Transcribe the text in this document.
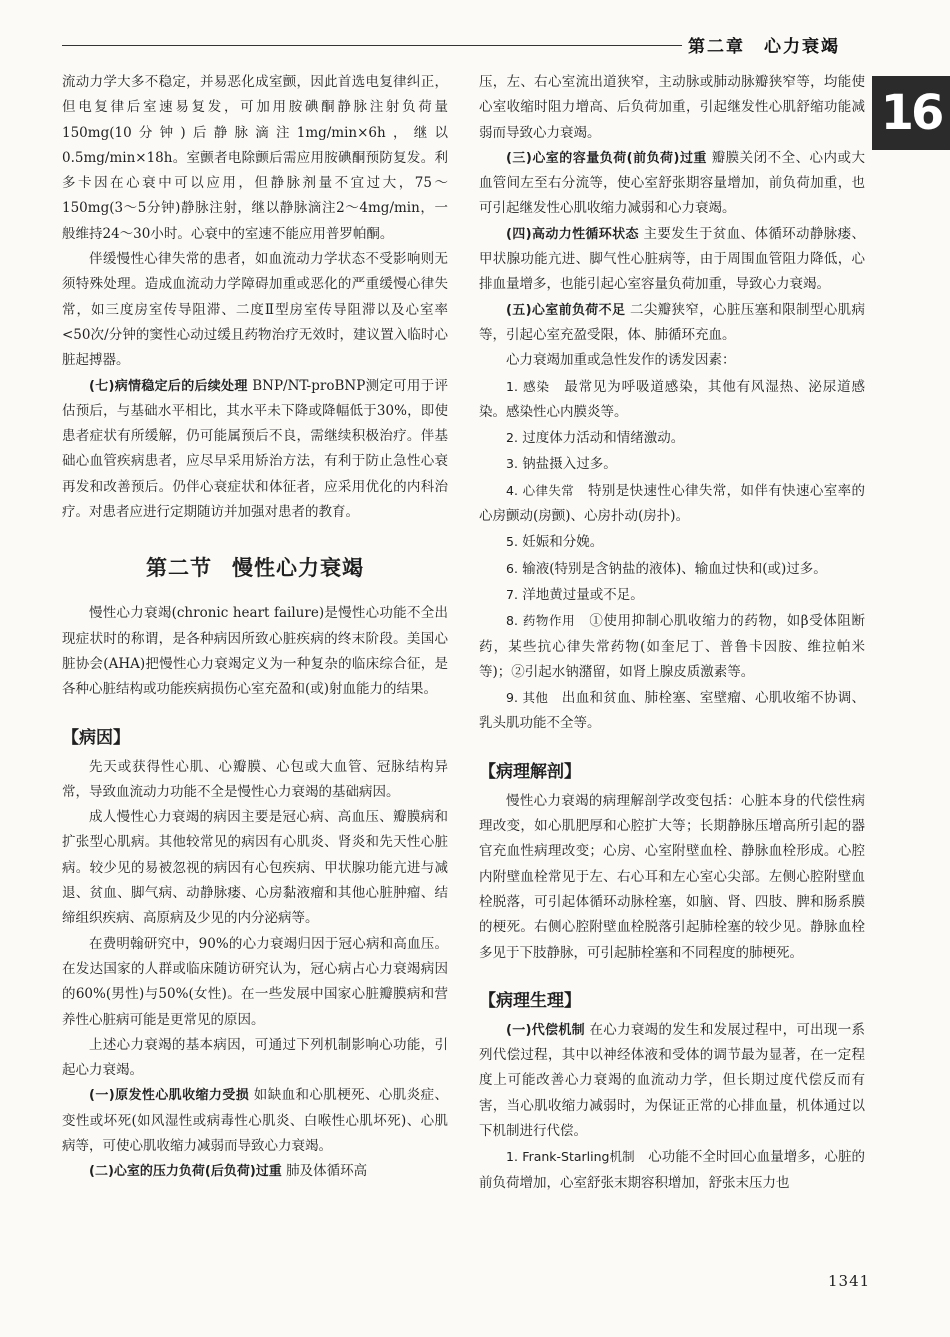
第二章　心力衰竭
16

流动力学大多不稳定，并易恶化成室颤，因此首选电复律纠正，但电复律后室速易复发，可加用胺碘酮静脉注射负荷量150mg(10分钟)后静脉滴注1mg/min×6h，继以0.5mg/min×18h。室颤者电除颤后需应用胺碘酮预防复发。利多卡因在心衰中可以应用，但静脉剂量不宜过大，75～150mg(3～5分钟)静脉注射，继以静脉滴注2～4mg/min，一般维持24～30小时。心衰中的室速不能应用普罗帕酮。

伴缓慢性心律失常的患者，如血流动力学状态不受影响则无须特殊处理。造成血流动力学障碍加重或恶化的严重缓慢心律失常，如三度房室传导阻滞、二度Ⅱ型房室传导阻滞以及心室率<50次/分钟的窦性心动过缓且药物治疗无效时，建议置入临时心脏起搏器。

(七)病情稳定后的后续处理 BNP/NT-proBNP测定可用于评估预后，与基础水平相比，其水平未下降或降幅低于30%，即使患者症状有所缓解，仍可能属预后不良，需继续积极治疗。伴基础心血管疾病患者，应尽早采用矫治方法，有利于防止急性心衰再发和改善预后。仍伴心衰症状和体征者，应采用优化的内科治疗。对患者应进行定期随访并加强对患者的教育。

第二节 慢性心力衰竭

慢性心力衰竭(chronic heart failure)是慢性心功能不全出现症状时的称谓，是各种病因所致心脏疾病的终末阶段。美国心脏协会(AHA)把慢性心力衰竭定义为一种复杂的临床综合征，是各种心脏结构或功能疾病损伤心室充盈和(或)射血能力的结果。

【病因】

先天或获得性心肌、心瓣膜、心包或大血管、冠脉结构异常，导致血流动力功能不全是慢性心力衰竭的基础病因。

成人慢性心力衰竭的病因主要是冠心病、高血压、瓣膜病和扩张型心肌病。其他较常见的病因有心肌炎、肾炎和先天性心脏病。较少见的易被忽视的病因有心包疾病、甲状腺功能亢进与减退、贫血、脚气病、动静脉瘘、心房黏液瘤和其他心脏肿瘤、结缔组织疾病、高原病及少见的内分泌病等。

在费明翰研究中，90%的心力衰竭归因于冠心病和高血压。在发达国家的人群或临床随访研究认为，冠心病占心力衰竭病因的60%(男性)与50%(女性)。在一些发展中国家心脏瓣膜病和营养性心脏病可能是更常见的原因。

上述心力衰竭的基本病因，可通过下列机制影响心功能，引起心力衰竭。

(一)原发性心肌收缩力受损 如缺血和心肌梗死、心肌炎症、变性或坏死(如风湿性或病毒性心肌炎、白喉性心肌坏死)、心肌病等，可使心肌收缩力减弱而导致心力衰竭。

(二)心室的压力负荷(后负荷)过重 肺及体循环高

压，左、右心室流出道狭窄，主动脉或肺动脉瓣狭窄等，均能使心室收缩时阻力增高、后负荷加重，引起继发性心肌舒缩功能减弱而导致心力衰竭。

(三)心室的容量负荷(前负荷)过重 瓣膜关闭不全、心内或大血管间左至右分流等，使心室舒张期容量增加，前负荷加重，也可引起继发性心肌收缩力减弱和心力衰竭。

(四)高动力性循环状态 主要发生于贫血、体循环动静脉瘘、甲状腺功能亢进、脚气性心脏病等，由于周围血管阻力降低，心排血量增多，也能引起心室容量负荷加重，导致心力衰竭。

(五)心室前负荷不足 二尖瓣狭窄，心脏压塞和限制型心肌病等，引起心室充盈受限，体、肺循环充血。

心力衰竭加重或急性发作的诱发因素：

1. 感染　 最常见为呼吸道感染，其他有风湿热、泌尿道感染。感染性心内膜炎等。

2. 过度体力活动和情绪激动。

3. 钠盐摄入过多。

4. 心律失常　 特别是快速性心律失常，如伴有快速心室率的心房颤动(房颤)、心房扑动(房扑)。

5. 妊娠和分娩。

6. 输液(特别是含钠盐的液体)、输血过快和(或)过多。

7. 洋地黄过量或不足。

8. 药物作用　 ①使用抑制心肌收缩力的药物，如β受体阻断药，某些抗心律失常药物(如奎尼丁、普鲁卡因胺、维拉帕米等)；②引起水钠潴留，如肾上腺皮质激素等。

9. 其他　 出血和贫血、肺栓塞、室壁瘤、心肌收缩不协调、乳头肌功能不全等。

【病理解剖】

慢性心力衰竭的病理解剖学改变包括：心脏本身的代偿性病理改变，如心肌肥厚和心腔扩大等；长期静脉压增高所引起的器官充血性病理改变；心房、心室附壁血栓、静脉血栓形成。心腔内附壁血栓常见于左、右心耳和左心室心尖部。左侧心腔附壁血栓脱落，可引起体循环动脉栓塞，如脑、肾、四肢、脾和肠系膜的梗死。右侧心腔附壁血栓脱落引起肺栓塞的较少见。静脉血栓多见于下肢静脉，可引起肺栓塞和不同程度的肺梗死。

【病理生理】

(一)代偿机制 在心力衰竭的发生和发展过程中，可出现一系列代偿过程，其中以神经体液和受体的调节最为显著，在一定程度上可能改善心力衰竭的血流动力学，但长期过度代偿反而有害，当心肌收缩力减弱时，为保证正常的心排血量，机体通过以下机制进行代偿。

1. Frank-Starling机制　 心功能不全时回心血量增多，心脏的前负荷增加，心室舒张末期容积增加，舒张末压力也

1341
